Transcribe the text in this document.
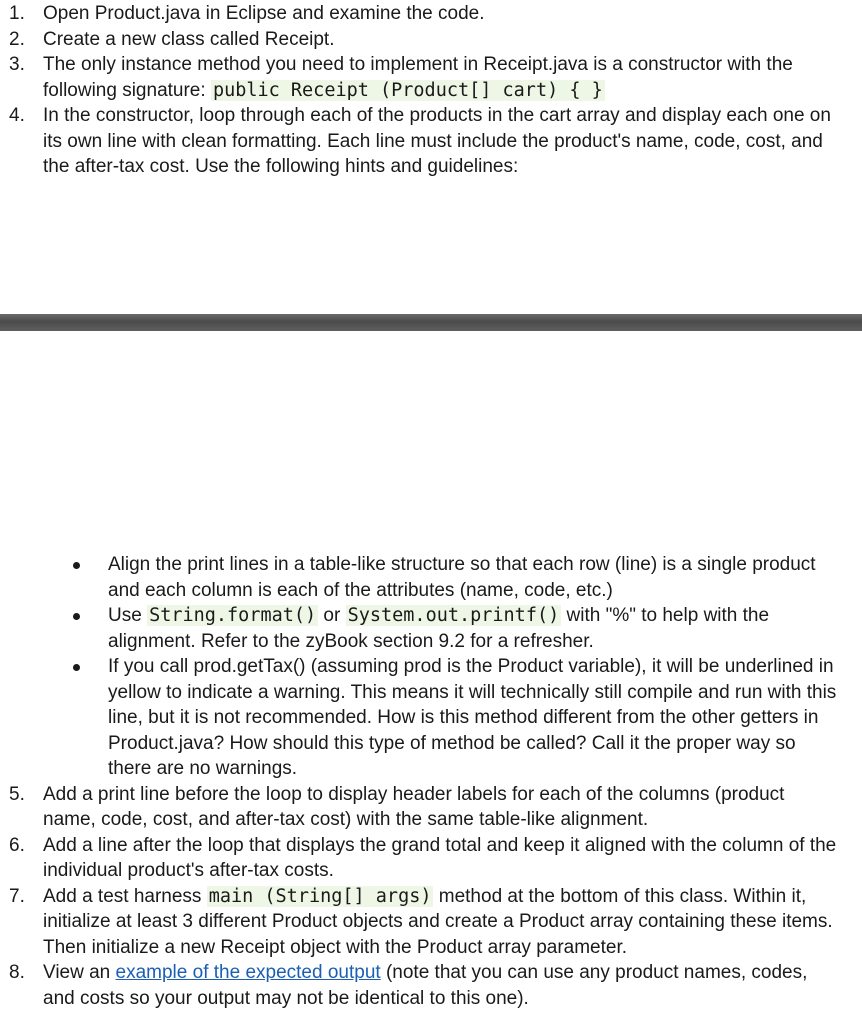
1. Open Product.java in Eclipse and examine the code.
2. Create a new class called Receipt.
3. The only instance method you need to implement in Receipt.java is a constructor with the following signature: public Receipt (Product[] cart) { }
4. In the constructor, loop through each of the products in the cart array and display each one on its own line with clean formatting. Each line must include the product's name, code, cost, and the after-tax cost. Use the following hints and guidelines:
Align the print lines in a table-like structure so that each row (line) is a single product and each column is each of the attributes (name, code, etc.)
Use String.format() or System.out.printf() with "%" to help with the alignment. Refer to the zyBook section 9.2 for a refresher.
If you call prod.getTax() (assuming prod is the Product variable), it will be underlined in yellow to indicate a warning. This means it will technically still compile and run with this line, but it is not recommended. How is this method different from the other getters in Product.java? How should this type of method be called? Call it the proper way so there are no warnings.
5. Add a print line before the loop to display header labels for each of the columns (product name, code, cost, and after-tax cost) with the same table-like alignment.
6. Add a line after the loop that displays the grand total and keep it aligned with the column of the individual product's after-tax costs.
7. Add a test harness main (String[] args) method at the bottom of this class. Within it, initialize at least 3 different Product objects and create a Product array containing these items. Then initialize a new Receipt object with the Product array parameter.
8. View an example of the expected output (note that you can use any product names, codes, and costs so your output may not be identical to this one).
